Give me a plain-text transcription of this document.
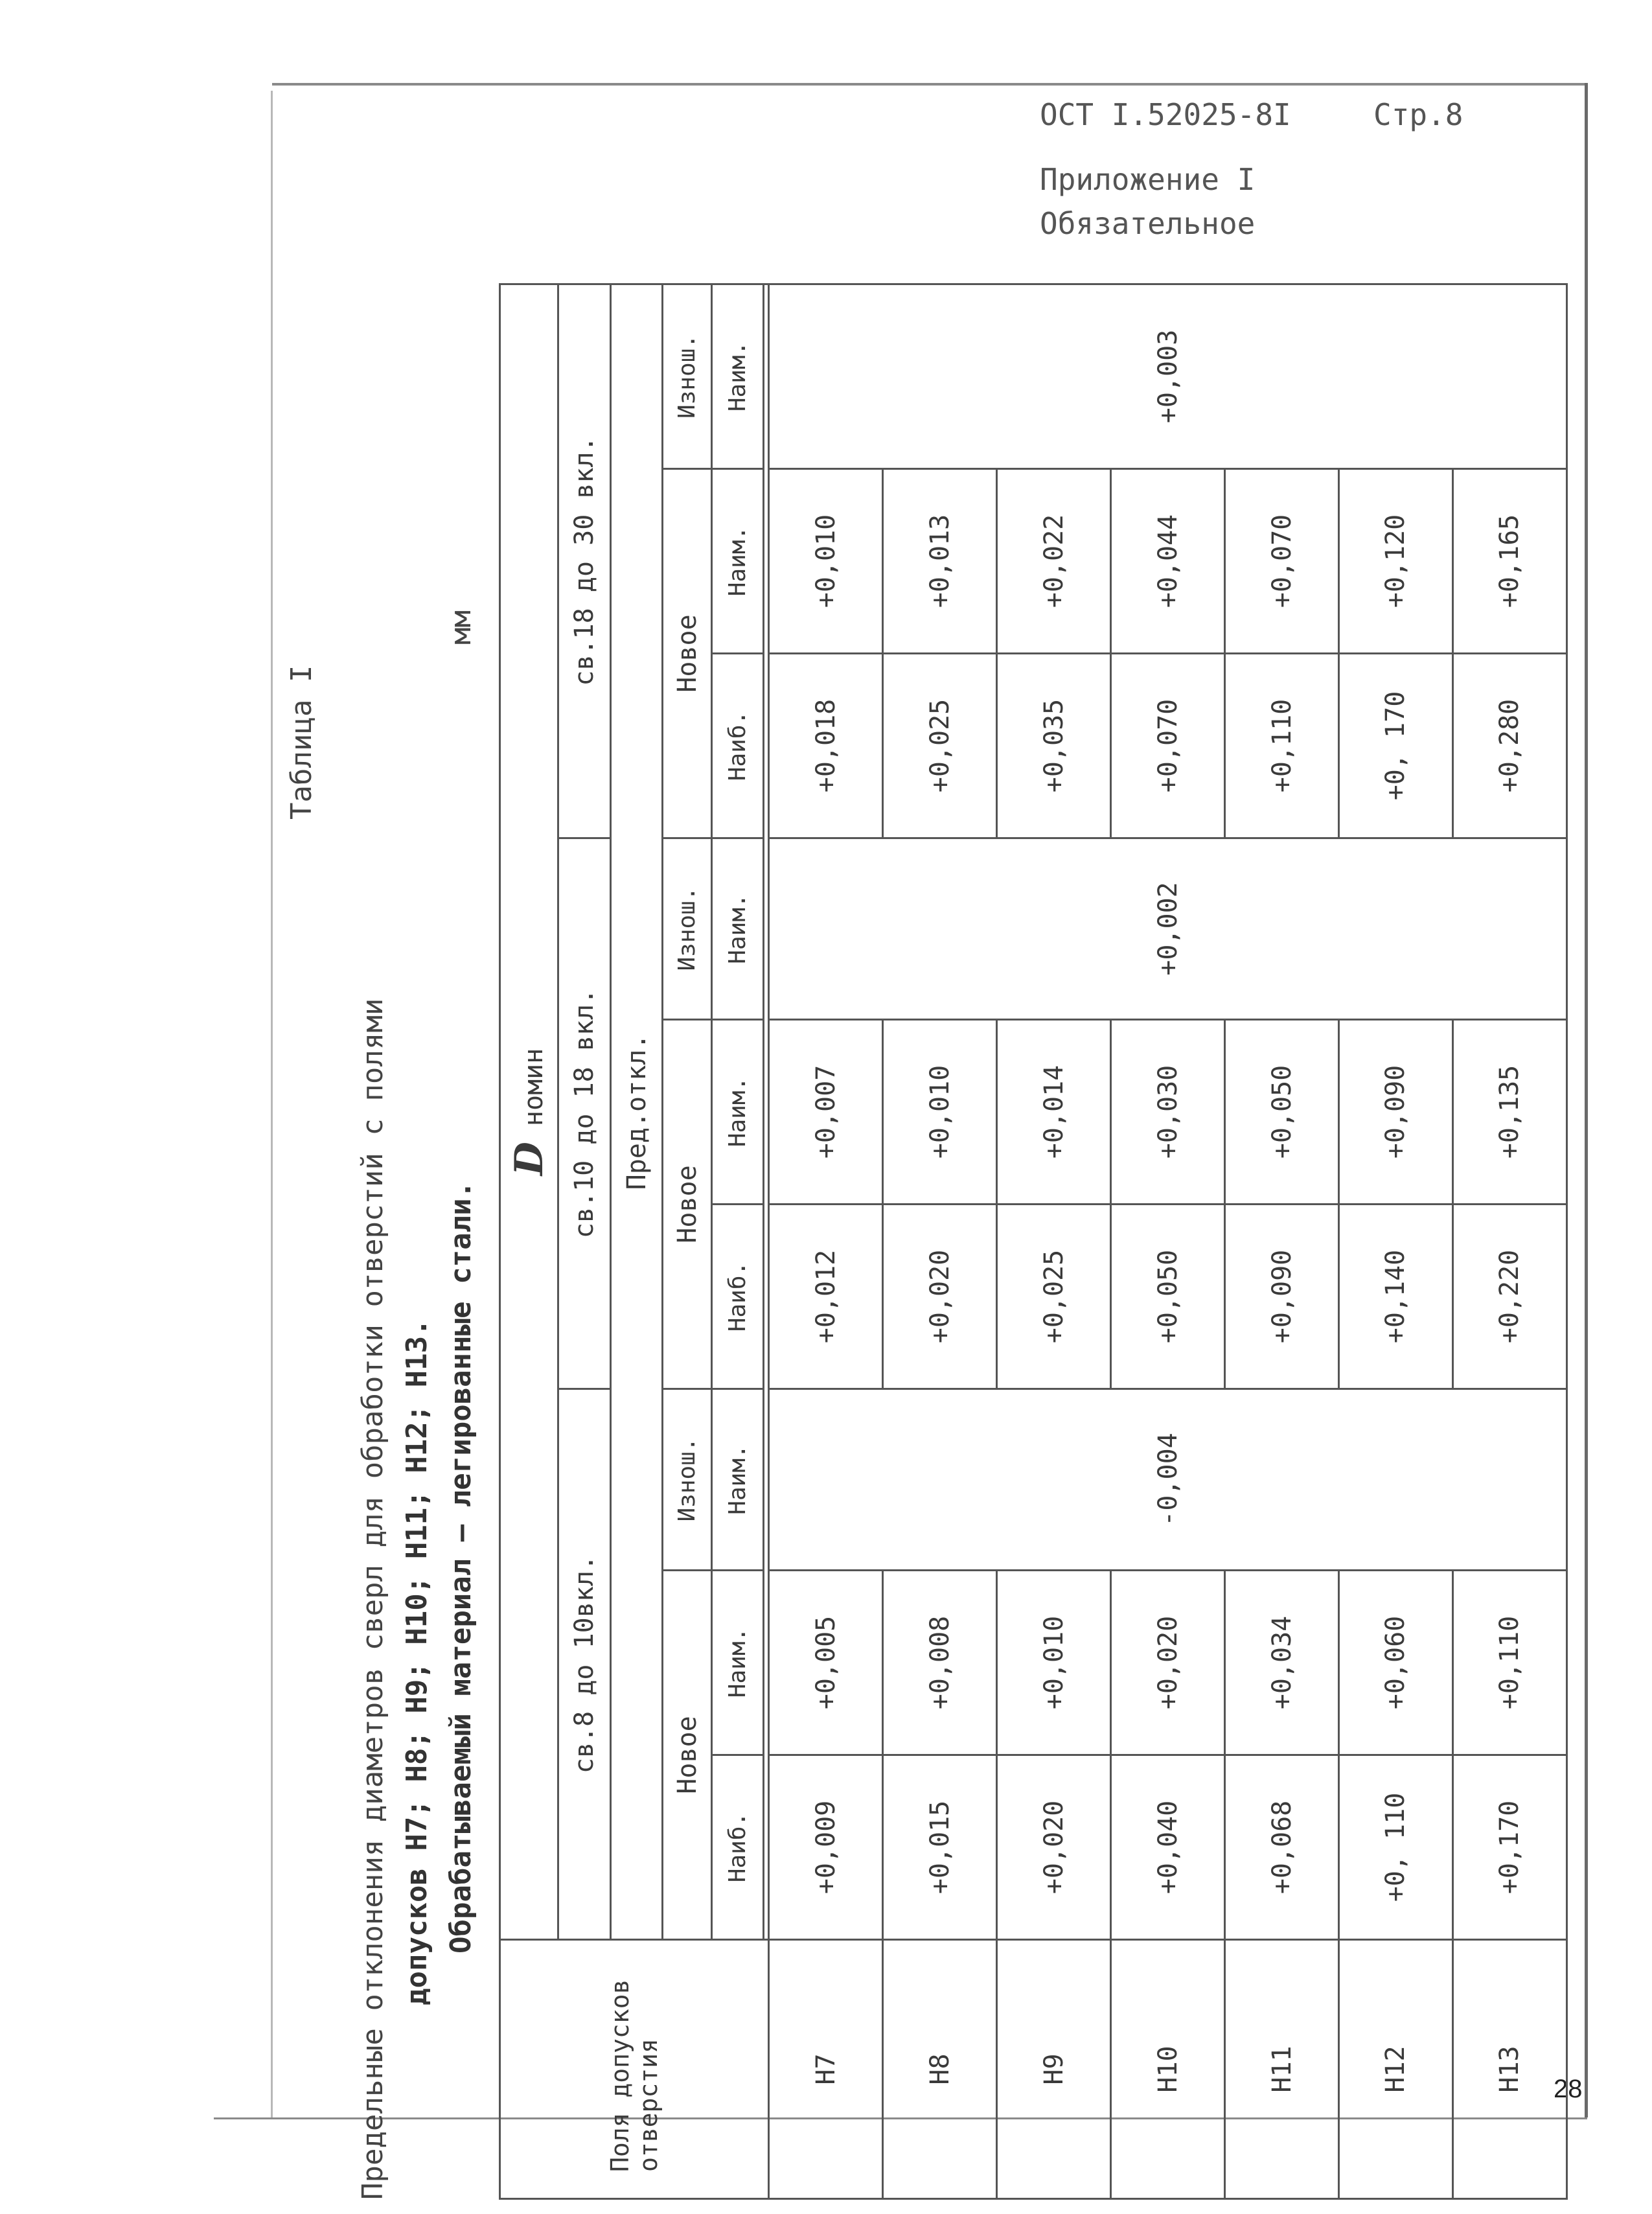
ОСТ I.52025-8I	Стр.8
Приложение I
Обязательное
28
Таблица I
Предельные отклонения диаметров сверл для обработки отверстий с полями допусков Н7; Н8; Н9; Н10; Н11; Н12; Н13. Обрабатываемый материал – легированные стали.
мм
Поля допусков отверстия	D номин								
	св.8 до 10вкл.			св.10 до 18 вкл.			св.18 до 30 вкл.		
	Пред.откл.								
	Новое		Изнош.	Новое		Изнош.	Новое		Изнош.
	Наиб.	Наим.	Наим.	Наиб.	Наим.	Наим.	Наиб.	Наим.	Наим.

Н7	+0,009	+0,005	-0,004	+0,012	+0,007	+0,002	+0,018	+0,010	+0,003
Н8	+0,015	+0,008		+0,020	+0,010		+0,025	+0,013	
Н9	+0,020	+0,010		+0,025	+0,014		+0,035	+0,022	
Н10	+0,040	+0,020		+0,050	+0,030		+0,070	+0,044	
Н11	+0,068	+0,034		+0,090	+0,050		+0,110	+0,070	
Н12	+0, 110	+0,060		+0,140	+0,090		+0, 170	+0,120	
Н13	+0,170	+0,110		+0,220	+0,135		+0,280	+0,165	
